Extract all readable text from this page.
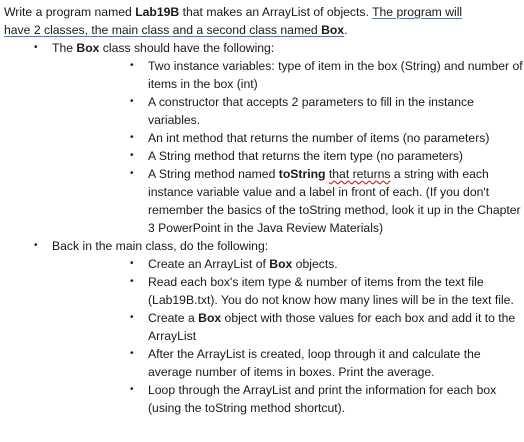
Write a program named Lab19B that makes an ArrayList of objects. The program will
have 2 classes, the main class and a second class named Box.

• The Box class should have the following:
• Two instance variables: type of item in the box (String) and number of
items in the box (int)
• A constructor that accepts 2 parameters to fill in the instance
variables.
• An int method that returns the number of items (no parameters)
• A String method that returns the item type (no parameters)
• A String method named toString that returns a string with each
instance variable value and a label in front of each. (If you don't
remember the basics of the toString method, look it up in the Chapter
3 PowerPoint in the Java Review Materials)
• Back in the main class, do the following:
• Create an ArrayList of Box objects.
• Read each box's item type & number of items from the text file
(Lab19B.txt). You do not know how many lines will be in the text file.
• Create a Box object with those values for each box and add it to the
ArrayList
• After the ArrayList is created, loop through it and calculate the
average number of items in boxes. Print the average.
• Loop through the ArrayList and print the information for each box
(using the toString method shortcut).
